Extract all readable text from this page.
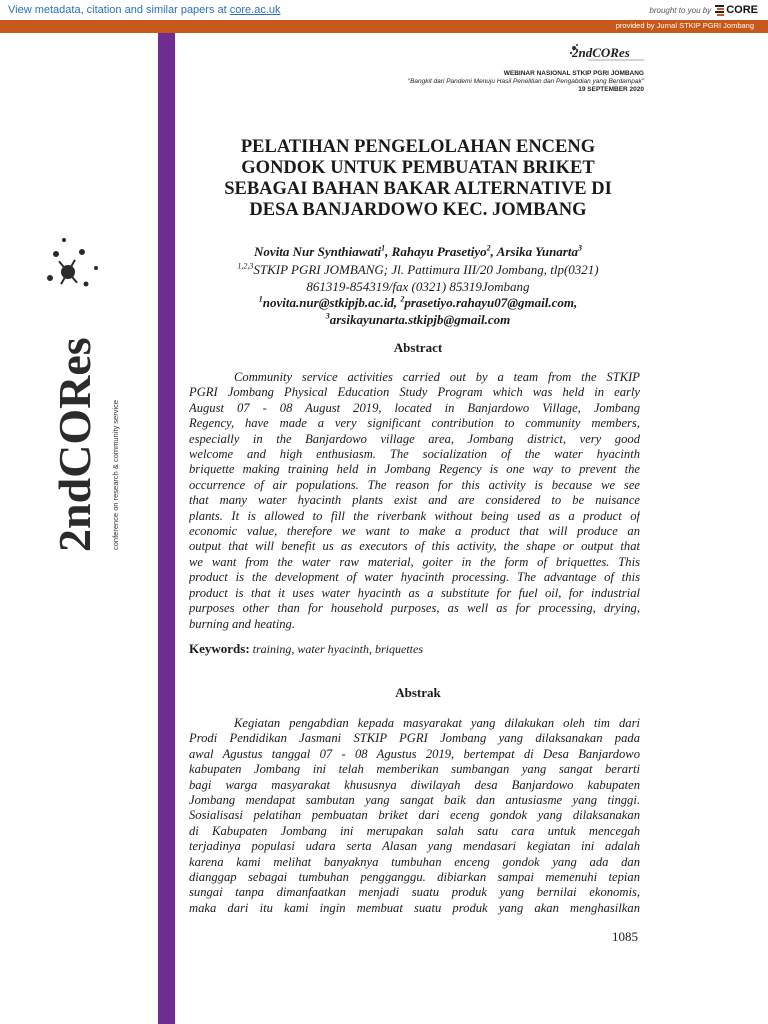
View metadata, citation and similar papers at core.ac.uk	brought to you by CORE
provided by Jurnal STKIP PGRI Jombang
2ndCORes
WEBINAR NASIONAL STKIP PGRI JOMBANG
"Bangkit dari Pandemi Menuju Hasil Penelitian dan Pengabdian yang Berdampak"
19 SEPTEMBER 2020
2ndCORes conference on research & community service
PELATIHAN PENGELOLAHAN ENCENG
GONDOK UNTUK PEMBUATAN BRIKET
SEBAGAI BAHAN BAKAR ALTERNATIVE DI
DESA BANJARDOWO KEC. JOMBANG
Novita Nur Synthiawati$^1$, Rahayu Prasetiyo$^2$, Arsika Yunarta$^3$
$^{1,2,3}$STKIP PGRI JOMBANG; Jl. Pattimura III/20 Jombang, tlp(0321)
861319-854319/fax (0321) 85319Jombang
$^1$novita.nur@stkipjb.ac.id, $^2$prasetiyo.rahayu07@gmail.com,
$^3$arsikayunarta.stkipjb@gmail.com
Abstract
Community service activities carried out by a team from the STKIP
PGRI Jombang Physical Education Study Program which was held in early
August 07 - 08 August 2019, located in Banjardowo Village, Jombang
Regency, have made a very significant contribution to community members,
especially in the Banjardowo village area, Jombang district, very good
welcome and high enthusiasm. The socialization of the water hyacinth
briquette making training held in Jombang Regency is one way to prevent the
occurrence of air populations. The reason for this activity is because we see
that many water hyacinth plants exist and are considered to be nuisance
plants. It is allowed to fill the riverbank without being used as a product of
economic value, therefore we want to make a product that will produce an
output that will benefit us as executors of this activity, the shape or output that
we want from the water raw material, goiter in the form of briquettes. This
product is the development of water hyacinth processing. The advantage of this
product is that it uses water hyacinth as a substitute for fuel oil, for industrial
purposes other than for household purposes, as well as for processing, drying,
burning and heating.
Keywords: training, water hyacinth, briquettes
Abstrak
Kegiatan pengabdian kepada masyarakat yang dilakukan oleh tim dari
Prodi Pendidikan Jasmani STKIP PGRI Jombang yang dilaksanakan pada
awal Agustus tanggal 07 - 08 Agustus 2019, bertempat di Desa Banjardowo
kabupaten Jombang ini telah memberikan sumbangan yang sangat berarti
bagi warga masyarakat khususnya diwilayah desa Banjardowo kabupaten
Jombang mendapat sambutan yang sangat baik dan antusiasme yang tinggi.
Sosialisasi pelatihan pembuatan briket dari eceng gondok yang dilaksanakan
di Kabupaten Jombang ini merupakan salah satu cara untuk mencegah
terjadinya populasi udara serta Alasan yang mendasari kegiatan ini adalah
karena kami melihat banyaknya tumbuhan enceng gondok yang ada dan
dianggap sebagai tumbuhan pengganggu. dibiarkan sampai memenuhi tepian
sungai tanpa dimanfaatkan menjadi suatu produk yang bernilai ekonomis,
maka dari itu kami ingin membuat suatu produk yang akan menghasilkan
1085
